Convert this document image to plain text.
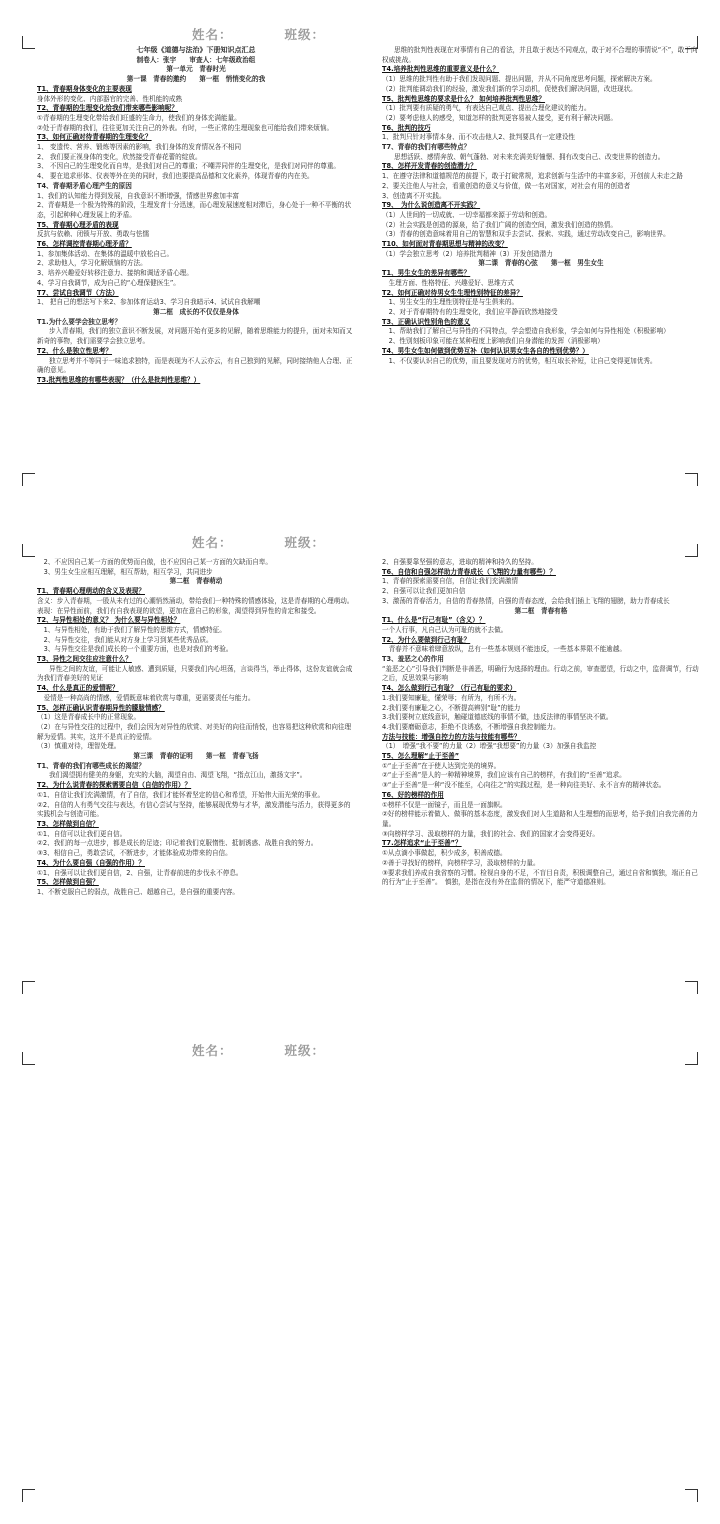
姓名：	班级：

七年级《道德与法治》下册知识点汇总

制卷人：张宇　　审查人：七年级政治组

第一单元　青春时光

第一课　青春的邀约　　第一框　悄悄变化的我

T1、青春期身体变化的主要表现

身体外形的变化、内部器官的完善、性机能的成熟

T2、青春期的生理变化给我们带来哪些影响呢？

①青春期的生理变化带给我们旺盛的生命力，使我们的身体充满能量。

②处于青春期的我们，往往更加关注自己的外表。有时，一些正常的生理现象也可能给我们带来烦恼。

T3、如何正确对待青春期的生理变化？

1、 变遗传、营养、锻炼等因素的影响，我们身体的发育情况各不相同

2、 我们要正视身体的变化，欣然接受青春花蕾的绽放。

3、 不因自己的生理变化而自卑，是我们对自己的尊重；不嘲弄同伴的生理变化，是我们对同伴的尊重。

4、 要在追求形体、仪表等外在美的同时，我们也要提高品德和文化素养，体现青春的内在美。

T4、青春期矛盾心理产生的原因

1、我们的认知能力得到发展，自我意识不断增强，情感世界愈加丰富

2、青春期是一个极为特殊的阶段，生理发育十分迅速，而心理发展速度相对滞后，身心处于一种不平衡的状态，引起种种心理发展上的矛盾。

T5、青春期心理矛盾的表现

反抗与依赖、闭锁与开放、勇敢与怯懦

T6、怎样调控青春期心理矛盾？

1、参加集体活动、在集体的温暖中放松自己。

2、求助他人，学习化解烦恼的方法。

3、培养兴趣爱好转移注意力、接纳和调适矛盾心理。

4、学习自我调节，成为自己的“心理保健医生”。

T7、尝试自我调节（方法）

1、 把自己的想法写下来2、参加体育运动3、学习自我暗示4、试试自我解嘲

第二框　成长的不仅仅是身体

T1.为什么要学会独立思考？

步入青春期，我们的独立意识不断发展，对问题开始有更多的见解，随着思维能力的提升，面对未知而又新奇的事物，我们需要学会独立思考。

T2、什么是独立性思考？

独立思考并不等同于一味追求独特，而是表现为不人云亦云，有自己独到的见解，同时接纳他人合理、正确的意见。

T3.批判性思维的有哪些表现？（什么是批判性思维？）

思维的批判性表现在对事情有自己的看法，并且敢于表达不同观点，敢于对不合理的事情说“不”，敢于向权威挑战。

T4.培养批判性思维的重要意义是什么？

（1）思维的批判性有助于我们发现问题、提出问题，并从不同角度思考问题，探索解决方案。

（2）批判能调动我们的经验，激发我们新的学习动机，促使我们解决问题，改进现状。

T5、批判性思维的要求是什么？ 如何培养批判性思维？

（1）批判要有质疑的勇气，有表达自己观点、提出合理化建议的能力。

（2）要考虑他人的感受，知道怎样的批判更容易被人接受，更有利于解决问题。

T6、批判的技巧

1、批判只针对事情本身、而不攻击他人2、批判要具有一定建设性

T7、青春的我们有哪些特点？

思想活跃、感情奔放、朝气蓬勃、对未来充满美好憧憬、拥有改变自己、改变世界的创造力。

T8、怎样开发青春的创造潜力？

1、在遵守法律和道德规范的前提下，敢于打破常规，追求创新与生活中的丰富多彩，开创前人未走之路

2、要关注他人与社会，看重创造的意义与价值，做一名对国家，对社会有用的创造者

3、创造离不开实践。

T9、　为什么说创造离不开实践？

（1）人世间的一切成就、一切幸福都来源于劳动和创造。

（2）社会实践是创造的源泉，给了我们广阔的创造空间，激发我们创造的热情。

（3）青春的创造意味着用自己的智慧和双手去尝试、探索、实践，通过劳动改变自己，影响世界。

T10、如何面对青春期思想与精神的改变？

（1）学会独立思考（2）培养批判精神（3）开发创造潜力

第二课　青春的心弦　　第一框　男生女生

T1、男生女生的差异有哪些？

　生理方面、性格特征、兴趣爱好、思维方式

T2、如何正确对待男女生生理性别特征的差异？

　1、男生女生的生理性别特征是与生俱来的。

　2、对于青春期特有的生理变化，我们应平静而欣然地接受

T3、正确认识性别角色的意义

　1、帮助我们了解自己与异性的不同特点，学会塑造自我形象，学会如何与异性相处（积极影响）

　2、性别刻板印象可能在某种程度上影响我们自身潜能的发挥（消极影响）

T4、男生女生如何做到优势互补（如何认识男女生各自的性别优势？）

　1、不仅要认识自己的优势，而且要发现对方的优势，相互取长补短，让自己变得更加优秀。

姓名：	班级：

　2、不应因自己某一方面的优势而自傲，也不应因自己某一方面的欠缺而自卑。

　3、男生女生应相互理解，相互帮助，相互学习，共同进步

第二框　青春萌动

T1、青春期心理萌动的含义及表现？

含义：步入青春期，一股从未有过的心潮悄然涌动，带给我们一种特殊的情感体验，这是青春期的心理萌动。

表现：在异性面前，我们有自我表现的欲望，更加在意自己的形象，渴望得到异性的肯定和接受。

T2、与异性相处的意义？ 为什么要与异性相处？

　1、与异性相处，有助于我们了解异性的思维方式，情感特征。

　2、与异性交往，我们能从对方身上学习到某些优秀品质。

　3、与异性交往是我们成长的一个重要方面，也是对我们的考验。

T3、异性之间交往应注意什么？

异性之间的友谊，可能让人敏感、遭到质疑，只要我们内心坦荡，言谈得当，举止得体，这份友谊就会成为我们青春美好的见证

T4、什么是真正的爱情呢？

　爱情是一种高尚的情感，爱情既意味着欣赏与尊重，更需要责任与能力。

T5、怎样正确认识青春期异性的朦胧情感？

（1）这是青春成长中的正常现象。

（2）在与异性交往的过程中，我们会因为对异性的欣赏、对美好的向往而悄悦，也容易把这种欣赏和向往理解为爱情。其实，这并不是真正的爱情。

（3）慎重对待，理智处理。

第三课　青春的证明　　第一框　青春飞扬

T1、青春的我们有哪些成长的渴望？

我们渴望拥有健美的身躯，充实的大脑，渴望自由、渴望飞翔，“指点江山，激扬文字”。

T2、为什么说青春的探索需要自信（自信的作用）？

①1、自信让我们充满激情，有了自信，我们才能怀着坚定的信心和希望，开始伟大而光荣的事业。

②2、自信的人有勇气交往与表达，有信心尝试与坚持，能够展现优势与才华，激发潜能与活力，获得更多的实践机会与创造可能。

T3、怎样做到自信？

①1、自信可以让我们更自信。

②2、我们的每一点进步，都是成长的足迹；印记着我们克服惰性、抵制诱惑、战胜自我的努力。

③3、相信自己，勇敢尝试，不断进步，才能体验成功带来的自信。

T4、为什么要自强（自强的作用）？

①1、自强可以让我们更自信，2、自强，让青春前进的步伐永不停息。

T5、怎样做到自强？

1、不断克服自己的弱点，战胜自己、超越自己，是自强的重要内容。

2、自强要靠坚强的意志，进取的精神和持久的坚持。

T6、自信和自强怎样助力青春成长（飞翔的力量有哪些）？

1、青春的探索需要自信，自信让我们充满激情

2、自强可以让我们更加自信

3、激荡的青春活力，自信的青春热情，自强的青春态度，会给我们插上飞翔的翅膀，助力青春成长

第二框　青春有格

T1、什么是“行己有耻”（含义）？

一个人行事，凡自己认为可耻的就不去做。

T2、为什么要做到行己有耻？

　青春并不意味着肆意放纵，总有一些基本规则不能违反，一些基本界限不能逾越。

T3、羞恶之心的作用

“羞恶之心”引导我们判断是非善恶，明确行为选择的理由。行动之前，审查愿望，行动之中，监督调节，行动之后，反思效果与影响

T4、怎么做到行己有耻？（行己有耻的要求）

1.我们要知廉耻，懂荣辱；有所为，有所不为。

2.我们要有廉耻之心，不断提高辨别“耻”的能力

3.我们要树立底线意识，触碰道德底线的事情不做，违反法律的事情坚决不做。

4.我们要磨砺意志，拒绝不良诱惑，不断增强自我控制能力。

方法与技能：增强自控力的方法与技能有哪些？

（1）　增强“我不要”的力量（2）增强“我想要”的力量（3）加强自我监控

T5、怎么理解“止于至善”

①“止于至善”在于使人达到完美的境界。

②“止于至善”是人的一种精神境界，我们应该有自己的榜样，有我们的“至善”追求。

③“止于至善”是一种“没不能至，心向往之”的实践过程，是一种向往美好、永不言弃的精神状态。

T6、好的榜样的作用

①榜样不仅是一面镜子，而且是一面旗帜。

②好的榜样能示着做人、做事的基本态度，激发我们对人生道路和人生理想的而思考，给予我们自我完善的力量。

③向榜样学习、汲取榜样的力量，我们的社会、我们的国家才会变得更好。

T7.怎样追求“止于至善”？

①从点滴小事做起，积少成多，积善成德。

②善于寻找好的榜样，向榜样学习，汲取榜样的力量。

③要求我们养成自我省察的习惯。检视自身的不足，不盲目自责，积极调整自己，通过自省和慎独，端正自己的行为“止于至善”。　慎独，是指在没有外在监督的情况下，能严守道德准则。

姓名：	班级：
